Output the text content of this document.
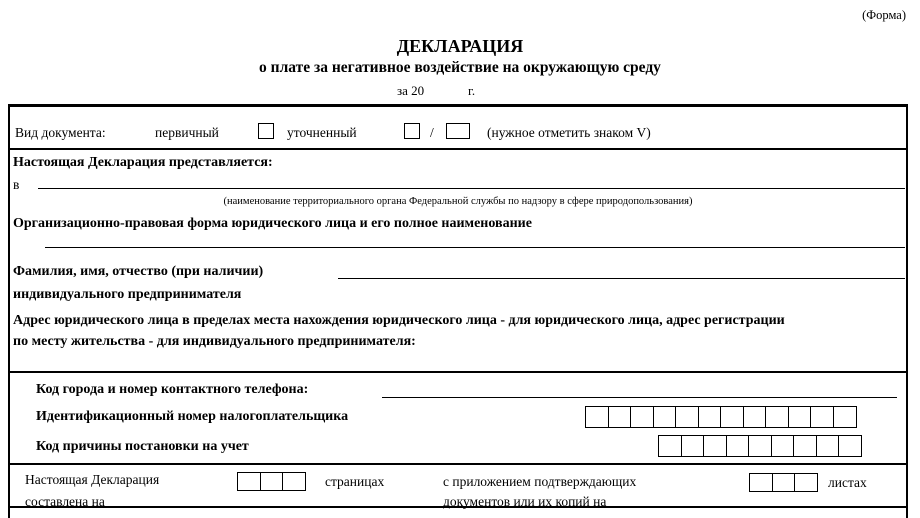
(Форма)
ДЕКЛАРАЦИЯ
о плате за негативное воздействие на окружающую среду
за 20	г.
Вид документа:	первичный	уточненный	/	(нужное отметить знаком V)
Настоящая Декларация представляется:
в
(наименование территориального органа Федеральной службы по надзору в сфере природопользования)
Организационно-правовая форма юридического лица и его полное наименование
Фамилия, имя, отчество (при наличии)
индивидуального предпринимателя
Адрес юридического лица в пределах места нахождения юридического лица - для юридического лица, адрес регистрации
по месту жительства - для индивидуального предпринимателя:
Код города и номер контактного телефона:
Идентификационный номер налогоплательщика
Код причины постановки на учет
Настоящая Декларация
составлена на
страницах	с приложением подтверждающих
документов или их копий на
листах
